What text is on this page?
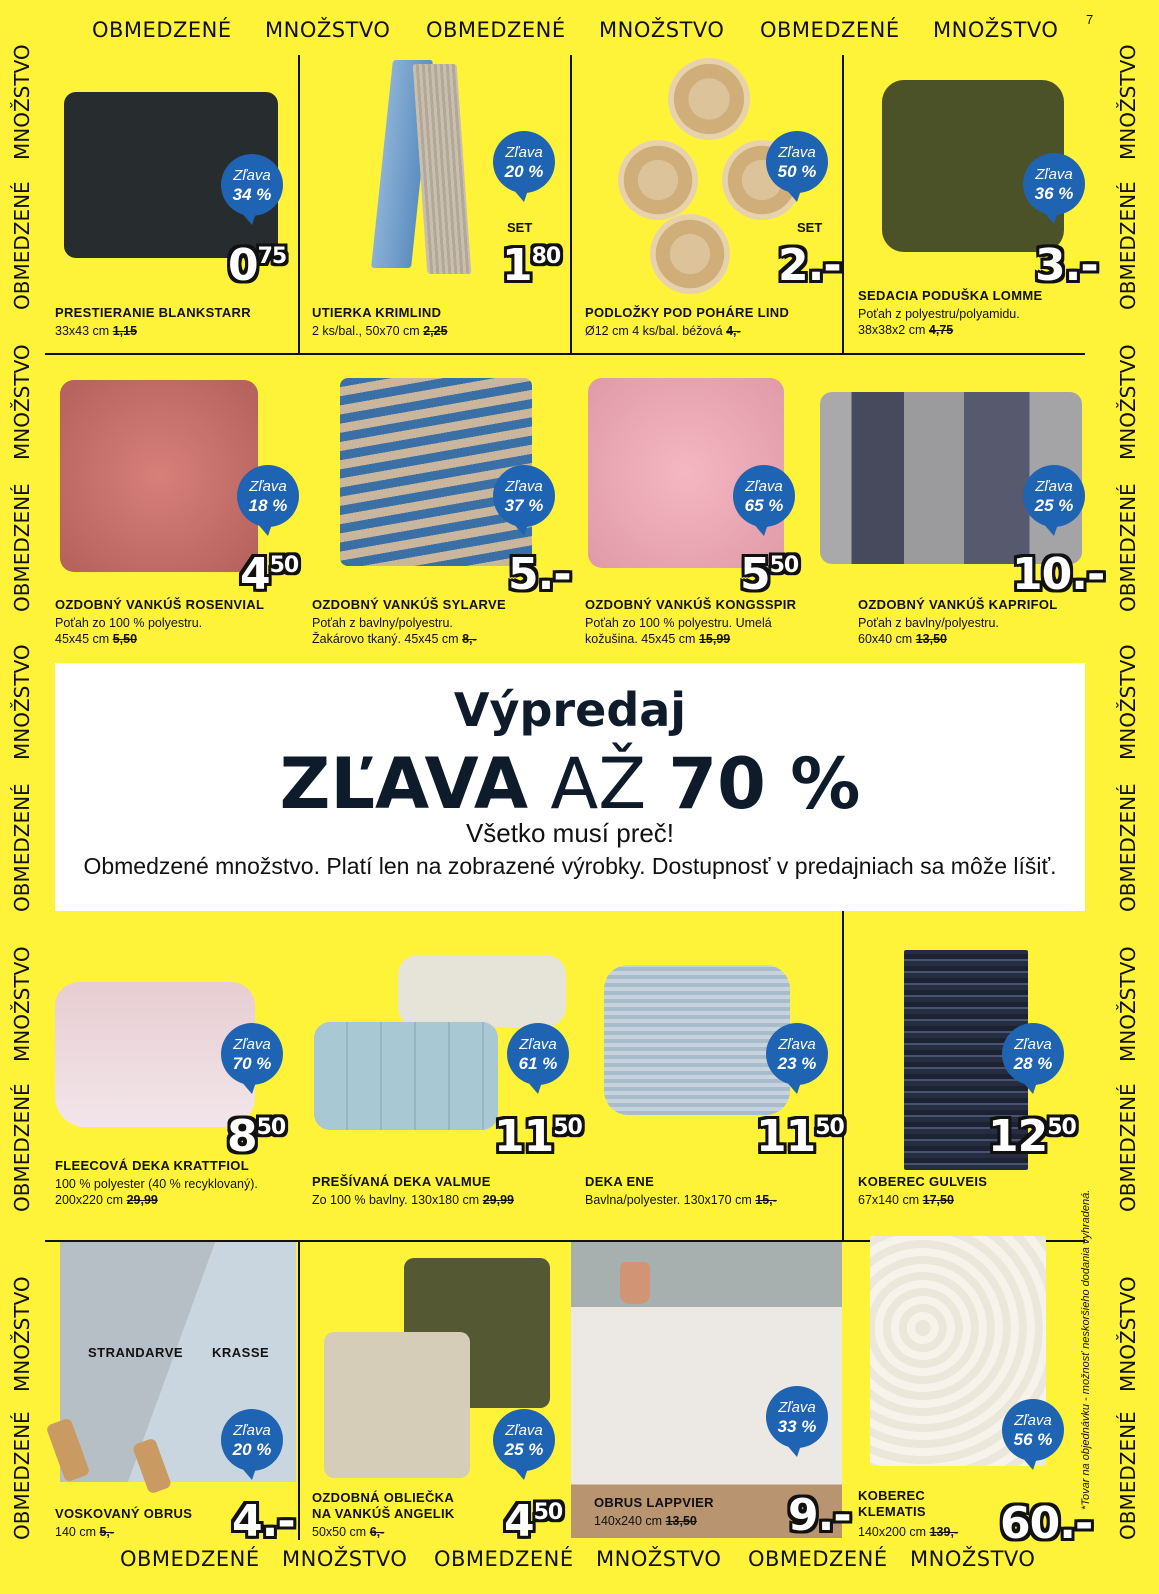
OBMEDZENÉ MNOŽSTVO OBMEDZENÉ MNOŽSTVO OBMEDZENÉ MNOŽSTVO 7
OBMEDZENÉ MNOŽSTVO OBMEDZENÉ MNOŽSTVO OBMEDZENÉ MNOŽSTVO
MNOŽSTVO
OBMEDZENÉ
MNOŽSTVO
OBMEDZENÉ
MNOŽSTVO
OBMEDZENÉ
MNOŽSTVO
OBMEDZENÉ
MNOŽSTVO
OBMEDZENÉ
MNOŽSTVO
OBMEDZENÉ
MNOŽSTVO
OBMEDZENÉ
MNOŽSTVO
OBMEDZENÉ
MNOŽSTVO
OBMEDZENÉ
MNOŽSTVO
OBMEDZENÉ
Zľava
34 %
$0^{75}$
PRESTIERANIE BLANKSTARR
33x43 cm 1,15
Zľava
20 %
SET
$1^{80}$
UTIERKA KRIMLIND
2 ks/bal., 50x70 cm 2,25
Zľava
50 %
SET
2.-
PODLOŽKY POD POHÁRE LIND
Ø12 cm 4 ks/bal. béžová 4,-
Zľava
36 %
3.-
SEDACIA PODUŠKA LOMME
Poťah z polyestru/polyamidu.
38x38x2 cm 4,75
Zľava
18 %
$4^{50}$
OZDOBNÝ VANKÚŠ ROSENVIAL
Poťah zo 100 % polyestru.
45x45 cm 5,50
Zľava
37 %
5.-
OZDOBNÝ VANKÚŠ SYLARVE
Poťah z bavlny/polyestru.
Žakárovo tkaný. 45x45 cm 8,-
Zľava
65 %
$5^{50}$
OZDOBNÝ VANKÚŠ KONGSSPIR
Poťah zo 100 % polyestru. Umelá
kožušina. 45x45 cm 15,99
Zľava
25 %
10.-
OZDOBNÝ VANKÚŠ KAPRIFOL
Poťah z bavlny/polyestru.
60x40 cm 13,50
Výpredaj
ZĽAVA AŽ 70 %
Všetko musí preč!
Obmedzené množstvo. Platí len na zobrazené výrobky. Dostupnosť v predajniach sa môže líšiť.
Zľava
70 %
$8^{50}$
FLEECOVÁ DEKA KRATTFIOL
100 % polyester (40 % recyklovaný).
200x220 cm 29,99
Zľava
61 %
$11^{50}$
PREŠÍVANÁ DEKA VALMUE
Zo 100 % bavlny. 130x180 cm 29,99
Zľava
23 %
$11^{50}$
DEKA ENE
Bavlna/polyester. 130x170 cm 15,-
Zľava
28 %
$12^{50}$
KOBEREC GULVEIS
67x140 cm 17,50
STRANDARVE KRASSE
Zľava
20 %
4.-
VOSKOVANÝ OBRUS
140 cm 5,-
Zľava
25 %
$4^{50}$
OZDOBNÁ OBLIEČKA
NA VANKÚŠ ANGELIK
50x50 cm 6,-
Zľava
33 %
9.-
OBRUS LAPPVIER
140x240 cm 13,50
Zľava
56 %
60.-
KOBEREC
KLEMATIS
140x200 cm 139,-
*Tovar na objednávku - možnosť neskoršieho dodania vyhradená.
